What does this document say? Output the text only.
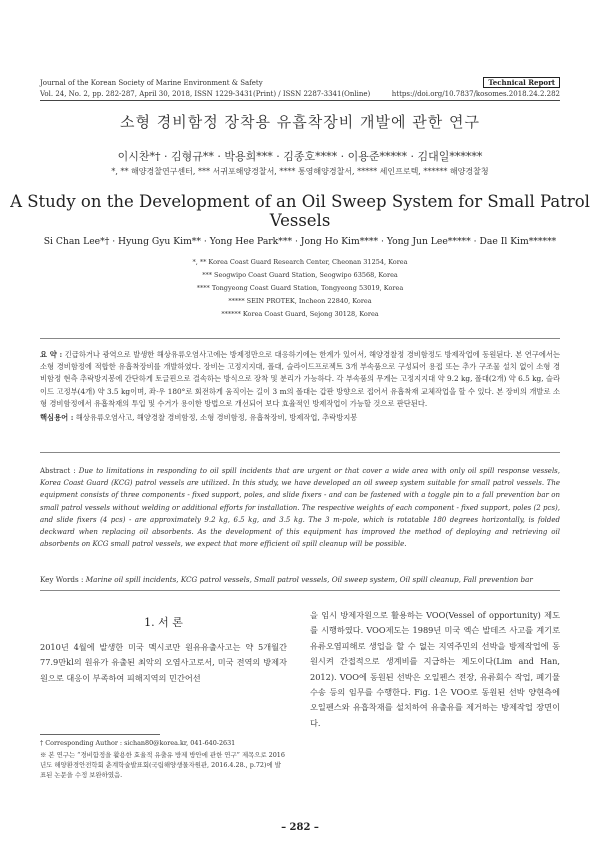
Journal of the Korean Society of Marine Environment & Safety	Technical Report
Vol. 24, No. 2, pp. 282-287, April 30, 2018, ISSN 1229-3431(Print) / ISSN 2287-3341(Online)	https://doi.org/10.7837/kosomes.2018.24.2.282
소형 경비함정 장착용 유흡착장비 개발에 관한 연구
이시찬*† · 김형규** · 박용희*** · 김종호**** · 이용준***** · 김대일******
*, ** 해양경찰연구센터, *** 서귀포해양경찰서, **** 통영해양경찰서, ***** 세인프로텍, ****** 해양경찰청
A Study on the Development of an Oil Sweep System for Small Patrol Vessels
Si Chan Lee*† · Hyung Gyu Kim** · Yong Hee Park*** · Jong Ho Kim**** · Yong Jun Lee***** · Dae Il Kim******
*, ** Korea Coast Guard Research Center, Cheonan 31254, Korea
*** Seogwipo Coast Guard Station, Seogwipo 63568, Korea
**** Tongyeong Coast Guard Station, Tongyeong 53019, Korea
***** SEIN PROTEK, Incheon 22840, Korea
****** Korea Coast Guard, Sejong 30128, Korea
요 약 : 긴급하거나 광역으로 발생한 해상유류오염사고에는 방제정만으로 대응하기에는 한계가 있어서, 해양경찰정 경비함정도 방제작업에 동원된다. 본 연구에서는 소형 경비함정에 적합한 유흡착장비를 개발하였다. 장비는 고정지지대, 폴대, 슬라이드프로젝트 3개 부속품으로 구성되어 용접 또는 추가 구조물 설치 없이 소형 경비함정 현측 추락방지봉에 간단하게 토글핀으로 결속하는 방식으로 장착 및 분리가 가능하다. 각 부속품의 무게는 고정지지대 약 9.2 kg, 폴대(2개) 약 6.5 kg, 슬라이드 고정부(4개) 약 3.5 kg이며, 좌·우 180°로 회전하게 움직이는 길이 3 m의 폴대는 갑판 방향으로 접어서 유흡착재 교체작업을 할 수 있다. 본 장비의 개발로 소형 경비함정에서 유흡착재의 투입 및 수거가 용이한 방법으로 개선되어 보다 효율적인 방제작업이 가능할 것으로 판단된다.
핵심용어 : 해상유류오염사고, 해양경찰 경비함정, 소형 경비함정, 유흡착장비, 방제작업, 추락방지봉
Abstract : Due to limitations in responding to oil spill incidents that are urgent or that cover a wide area with only oil spill response vessels, Korea Coast Guard (KCG) patrol vessels are utilized. In this study, we have developed an oil sweep system suitable for small patrol vessels. The equipment consists of three components - fixed support, poles, and slide fixers - and can be fastened with a toggle pin to a fall prevention bar on small patrol vessels without welding or additional efforts for installation. The respective weights of each component - fixed support, poles (2 pcs), and slide fixers (4 pcs) - are approximately 9.2 kg, 6.5 kg, and 3.5 kg. The 3 m-pole, which is rotatable 180 degrees horizontally, is folded deckward when replacing oil absorbents. As the development of this equipment has improved the method of deploying and retrieving oil absorbents on KCG small patrol vessels, we expect that more efficient oil spill cleanup will be possible.
Key Words : Marine oil spill incidents, KCG patrol vessels, Small patrol vessels, Oil sweep system, Oil spill cleanup, Fall prevention bar
1. 서 론
2010년 4월에 발생한 미국 멕시코만 원유유출사고는 약 5개월간 77.9만kl의 원유가 유출된 최악의 오염사고로서, 미국 전역의 방제자원으로 대응이 부족하여 피해지역의 민간어선
을 임시 방제자원으로 활용하는 VOO(Vessel of opportunity) 제도를 시행하였다. VOO제도는 1989년 미국 엑슨 발데즈 사고를 계기로 유류오염피해로 생업을 할 수 없는 지역주민의 선박을 방제작업에 동원시켜 간접적으로 생계비를 지급하는 제도이다(Lim and Han, 2012). VOO에 동원된 선박은 오일펜스 전장, 유류회수 작업, 폐기물 수송 등의 임무를 수행한다. Fig. 1은 VOO로 동원된 선박 양현측에 오일펜스와 유흡착재를 설치하여 유출유를 제거하는 방제작업 장면이다.
† Corresponding Author : sichan80@korea.kr, 041-640-2631
※ 본 연구는 “경비함정을 활용한 효율적 유출유 방제 방안에 관한 연구” 제목으로 2016년도 해양환경안전학회 춘계학술발표회(국립해양생물자원관, 2016.4.28., p.72)에 발표된 논문을 수정 보완하였음.
– 282 –
